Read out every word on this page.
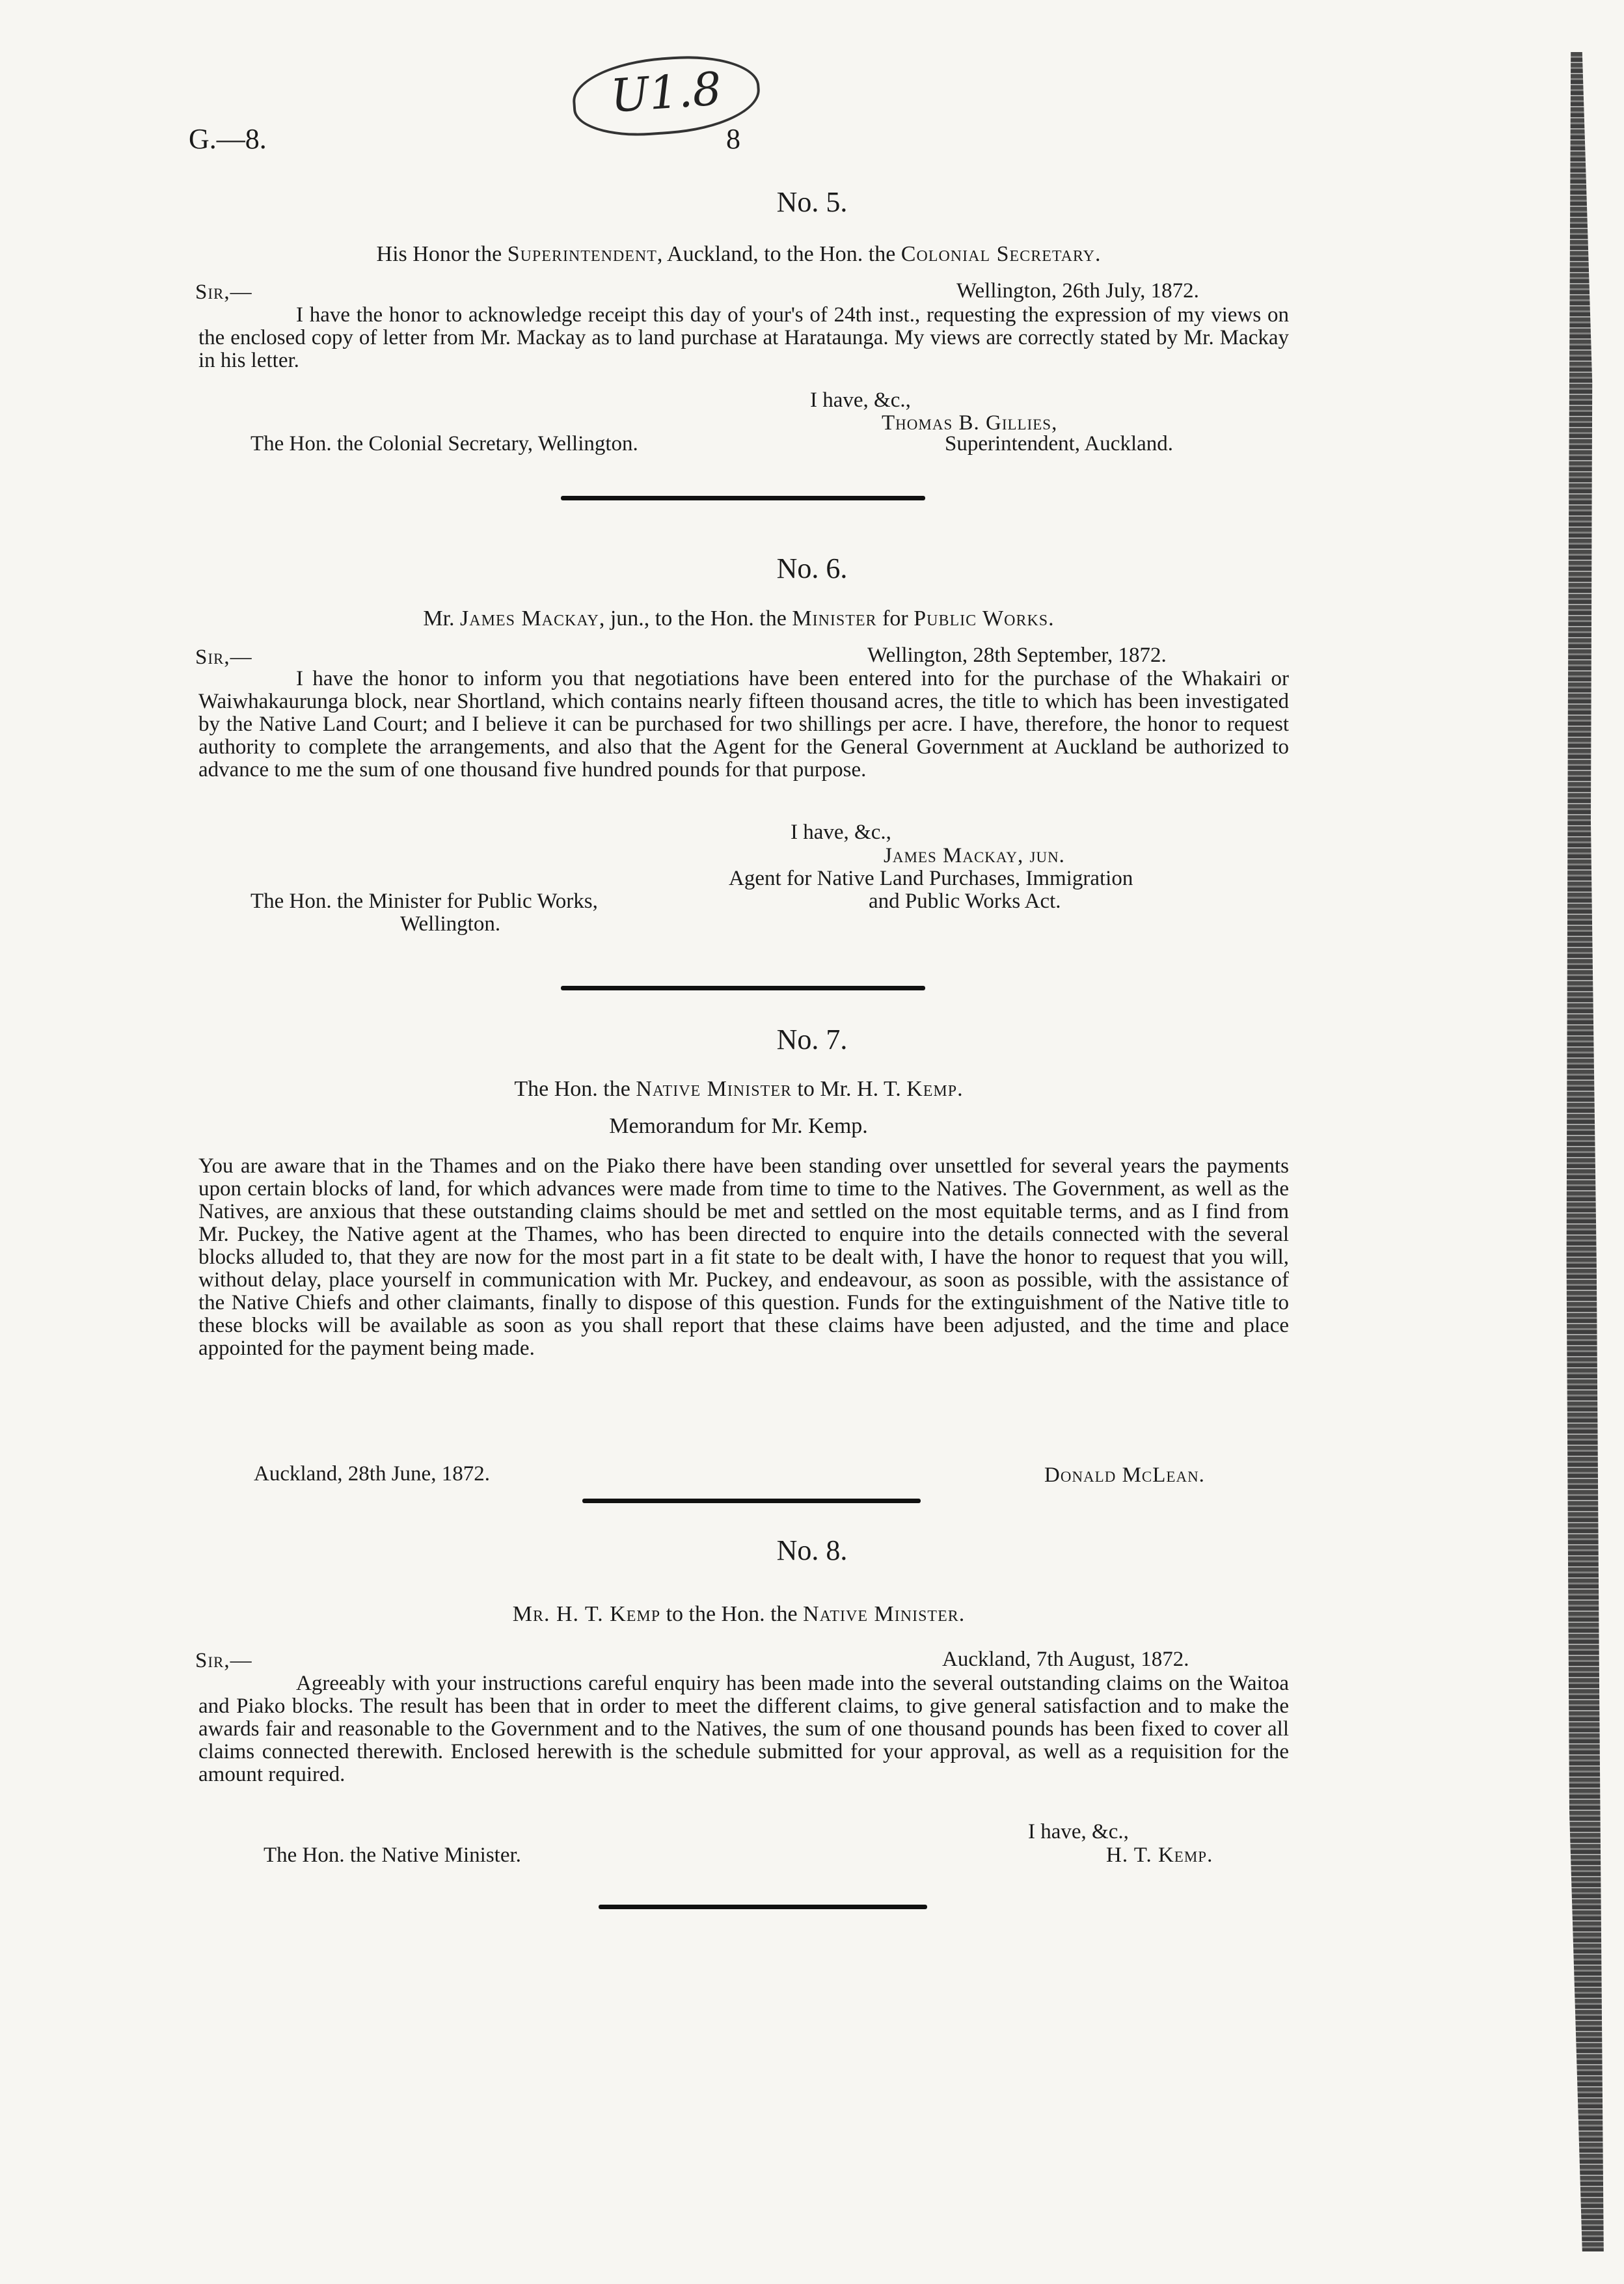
U1.8
G.—8.	8
No. 5.
His Honor the Superintendent, Auckland, to the Hon. the Colonial Secretary.
Sir,—	Wellington, 26th July, 1872.
I have the honor to acknowledge receipt this day of your's of 24th inst., requesting the expression of my views on the enclosed copy of letter from Mr. Mackay as to land purchase at Harataunga. My views are correctly stated by Mr. Mackay in his letter.
I have, &c.,
Thomas B. Gillies,
The Hon. the Colonial Secretary, Wellington.	Superintendent, Auckland.
No. 6.
Mr. James Mackay, jun., to the Hon. the Minister for Public Works.
Sir,—	Wellington, 28th September, 1872.
I have the honor to inform you that negotiations have been entered into for the purchase of the Whakairi or Waiwhakaurunga block, near Shortland, which contains nearly fifteen thousand acres, the title to which has been investigated by the Native Land Court; and I believe it can be purchased for two shillings per acre. I have, therefore, the honor to request authority to complete the arrangements, and also that the Agent for the General Government at Auckland be authorized to advance to me the sum of one thousand five hundred pounds for that purpose.
I have, &c.,
James Mackay, jun.
Agent for Native Land Purchases, Immigration
The Hon. the Minister for Public Works,	and Public Works Act.
Wellington.
No. 7.
The Hon. the Native Minister to Mr. H. T. Kemp.
Memorandum for Mr. Kemp.
You are aware that in the Thames and on the Piako there have been standing over unsettled for several years the payments upon certain blocks of land, for which advances were made from time to time to the Natives. The Government, as well as the Natives, are anxious that these outstanding claims should be met and settled on the most equitable terms, and as I find from Mr. Puckey, the Native agent at the Thames, who has been directed to enquire into the details connected with the several blocks alluded to, that they are now for the most part in a fit state to be dealt with, I have the honor to request that you will, without delay, place yourself in communication with Mr. Puckey, and endeavour, as soon as possible, with the assistance of the Native Chiefs and other claimants, finally to dispose of this question. Funds for the extinguishment of the Native title to these blocks will be available as soon as you shall report that these claims have been adjusted, and the time and place appointed for the payment being made.
Auckland, 28th June, 1872.	Donald McLean.
No. 8.
Mr. H. T. Kemp to the Hon. the Native Minister.
Sir,—	Auckland, 7th August, 1872.
Agreeably with your instructions careful enquiry has been made into the several outstanding claims on the Waitoa and Piako blocks. The result has been that in order to meet the different claims, to give general satisfaction and to make the awards fair and reasonable to the Government and to the Natives, the sum of one thousand pounds has been fixed to cover all claims connected therewith. Enclosed herewith is the schedule submitted for your approval, as well as a requisition for the amount required.
I have, &c.,
The Hon. the Native Minister.	H. T. Kemp.
